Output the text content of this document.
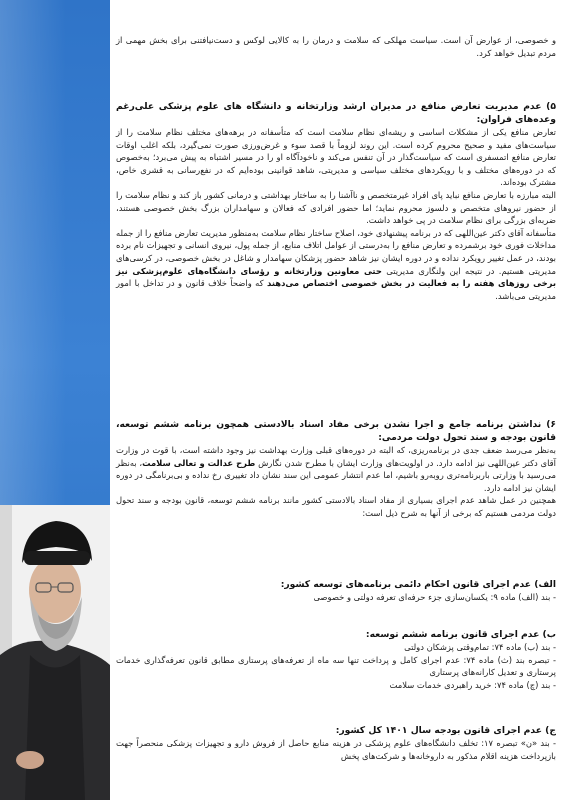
و خصوصی، از عوارض آن است. سیاست مهلکی که سلامت و درمان را به کالایی لوکس و دست‌نیافتنی برای بخش مهمی از مردم تبدیل خواهد کرد.

۵) عدم مدیریت تعارض منافع در مدیران ارشد وزارتخانه و دانشگاه های علوم پزشکی علی‌رغم وعده‌های فراوان:

تعارض منافع یکی از مشکلات اساسی و ریشه‌ای نظام سلامت است که متأسفانه در برهه‌های مختلف نظام سلامت را از سیاست‌های مفید و صحیح محروم کرده است. این روند لزوماً با قصد سوء و غرض‌ورزی صورت نمی‌گیرد، بلکه اغلب اوقات تعارض منافع اتمسفری است که سیاست‌گذار در آن تنفس می‌کند و ناخودآگاه او را در مسیر اشتباه به پیش می‌برد؛ به‌خصوص که در دوره‌های مختلف و با رویکردهای مختلف سیاسی و مدیریتی، شاهد قوانینی بوده‌ایم که در نفع‌رسانی به قشری خاص، مشترک بوده‌اند.

البته مبارزه با تعارض منافع نباید پای افراد غیرمتخصص و ناآشنا را به ساختار بهداشتی و درمانی کشور باز کند و نظام سلامت را از حضور نیروهای متخصص و دلسوز محروم نماید؛ اما حضور افرادی که فعالان و سهامداران بزرگ بخش خصوصی هستند، ضربه‌ای بزرگی برای نظام سلامت در پی خواهد داشت.

متأسفانه آقای دکتر عین‌اللهی که در برنامه پیشنهادی خود، اصلاح ساختار نظام سلامت به‌منظور مدیریت تعارض منافع را از جمله مداخلات فوری خود برشمرده و تعارض منافع را به‌درستی از عوامل اتلاف منابع، از جمله پول، نیروی انسانی و تجهیزات نام برده بودند، در عمل تغییر رویکرد نداده و در دوره ایشان نیز شاهد حضور پزشکان سهامدار و شاغل در بخش خصوصی، در کرسی‌های مدیریتی هستیم. در نتیجه این ولنگاری مدیریتی حتی معاونین وزارتخانه و رؤسای دانشگاه‌های علوم‌پزشکی نیز برخی روزهای هفته را به فعالیت در بخش خصوصی اختصاص می‌دهند که واضحاً خلاف قانون و در تداخل با امور مدیریتی می‌باشد.

۶) نداشتن برنامه جامع و اجرا نشدن برخی مفاد اسناد بالادستی همچون برنامه ششم توسعه، قانون بودجه و سند تحول دولت مردمی:

به‌نظر می‌رسد ضعف جدی در برنامه‌ریزی، که البته در دوره‌های قبلی وزارت بهداشت نیز وجود داشته است، با قوت در وزارت آقای دکتر عین‌اللهی نیز ادامه دارد. در اولویت‌های وزارت ایشان با مطرح شدن نگارش طرح عدالت و تعالی سلامت، به‌نظر می‌رسید با وزارتی باربرنامه‌تری روبه‌رو باشیم، اما عدم انتشار عمومی این سند نشان داد تغییری رخ نداده و بی‌برنامگی در دوره ایشان نیز ادامه دارد.

همچنین در عمل شاهد عدم اجرای بسیاری از مفاد اسناد بالادستی کشور مانند برنامه ششم توسعه، قانون بودجه و سند تحول دولت مردمی هستیم که برخی از آنها به شرح ذیل است:

الف) عدم اجرای قانون احکام دائمی برنامه‌های توسعه کشور:

- بند (الف) ماده ۹: یکسان‌سازی جزء حرفه‌ای تعرفه دولتی و خصوصی

ب) عدم اجرای قانون برنامه ششم توسعه:

- بند (ب) ماده ۷۴: تمام‌وقتی پزشکان دولتی

- تبصره بند (ث) ماده ۷۴: عدم اجرای کامل و پرداخت تنها سه ماه از تعرفه‌های پرستاری مطابق قانون تعرفه‌گذاری خدمات پرستاری و تعدیل کارانه‌های پرستاری

- بند (چ) ماده ۷۴: خرید راهبردی خدمات سلامت

ج) عدم اجرای قانون بودجه سال ۱۴۰۱ کل کشور:

- بند «ن» تبصره ۱۷: تخلف دانشگاه‌های علوم پزشکی در هزینه منابع حاصل از فروش دارو و تجهیزات پزشکی منحصراً جهت بازپرداخت هزینه اقلام مذکور به داروخانه‌ها و شرکت‌های پخش
